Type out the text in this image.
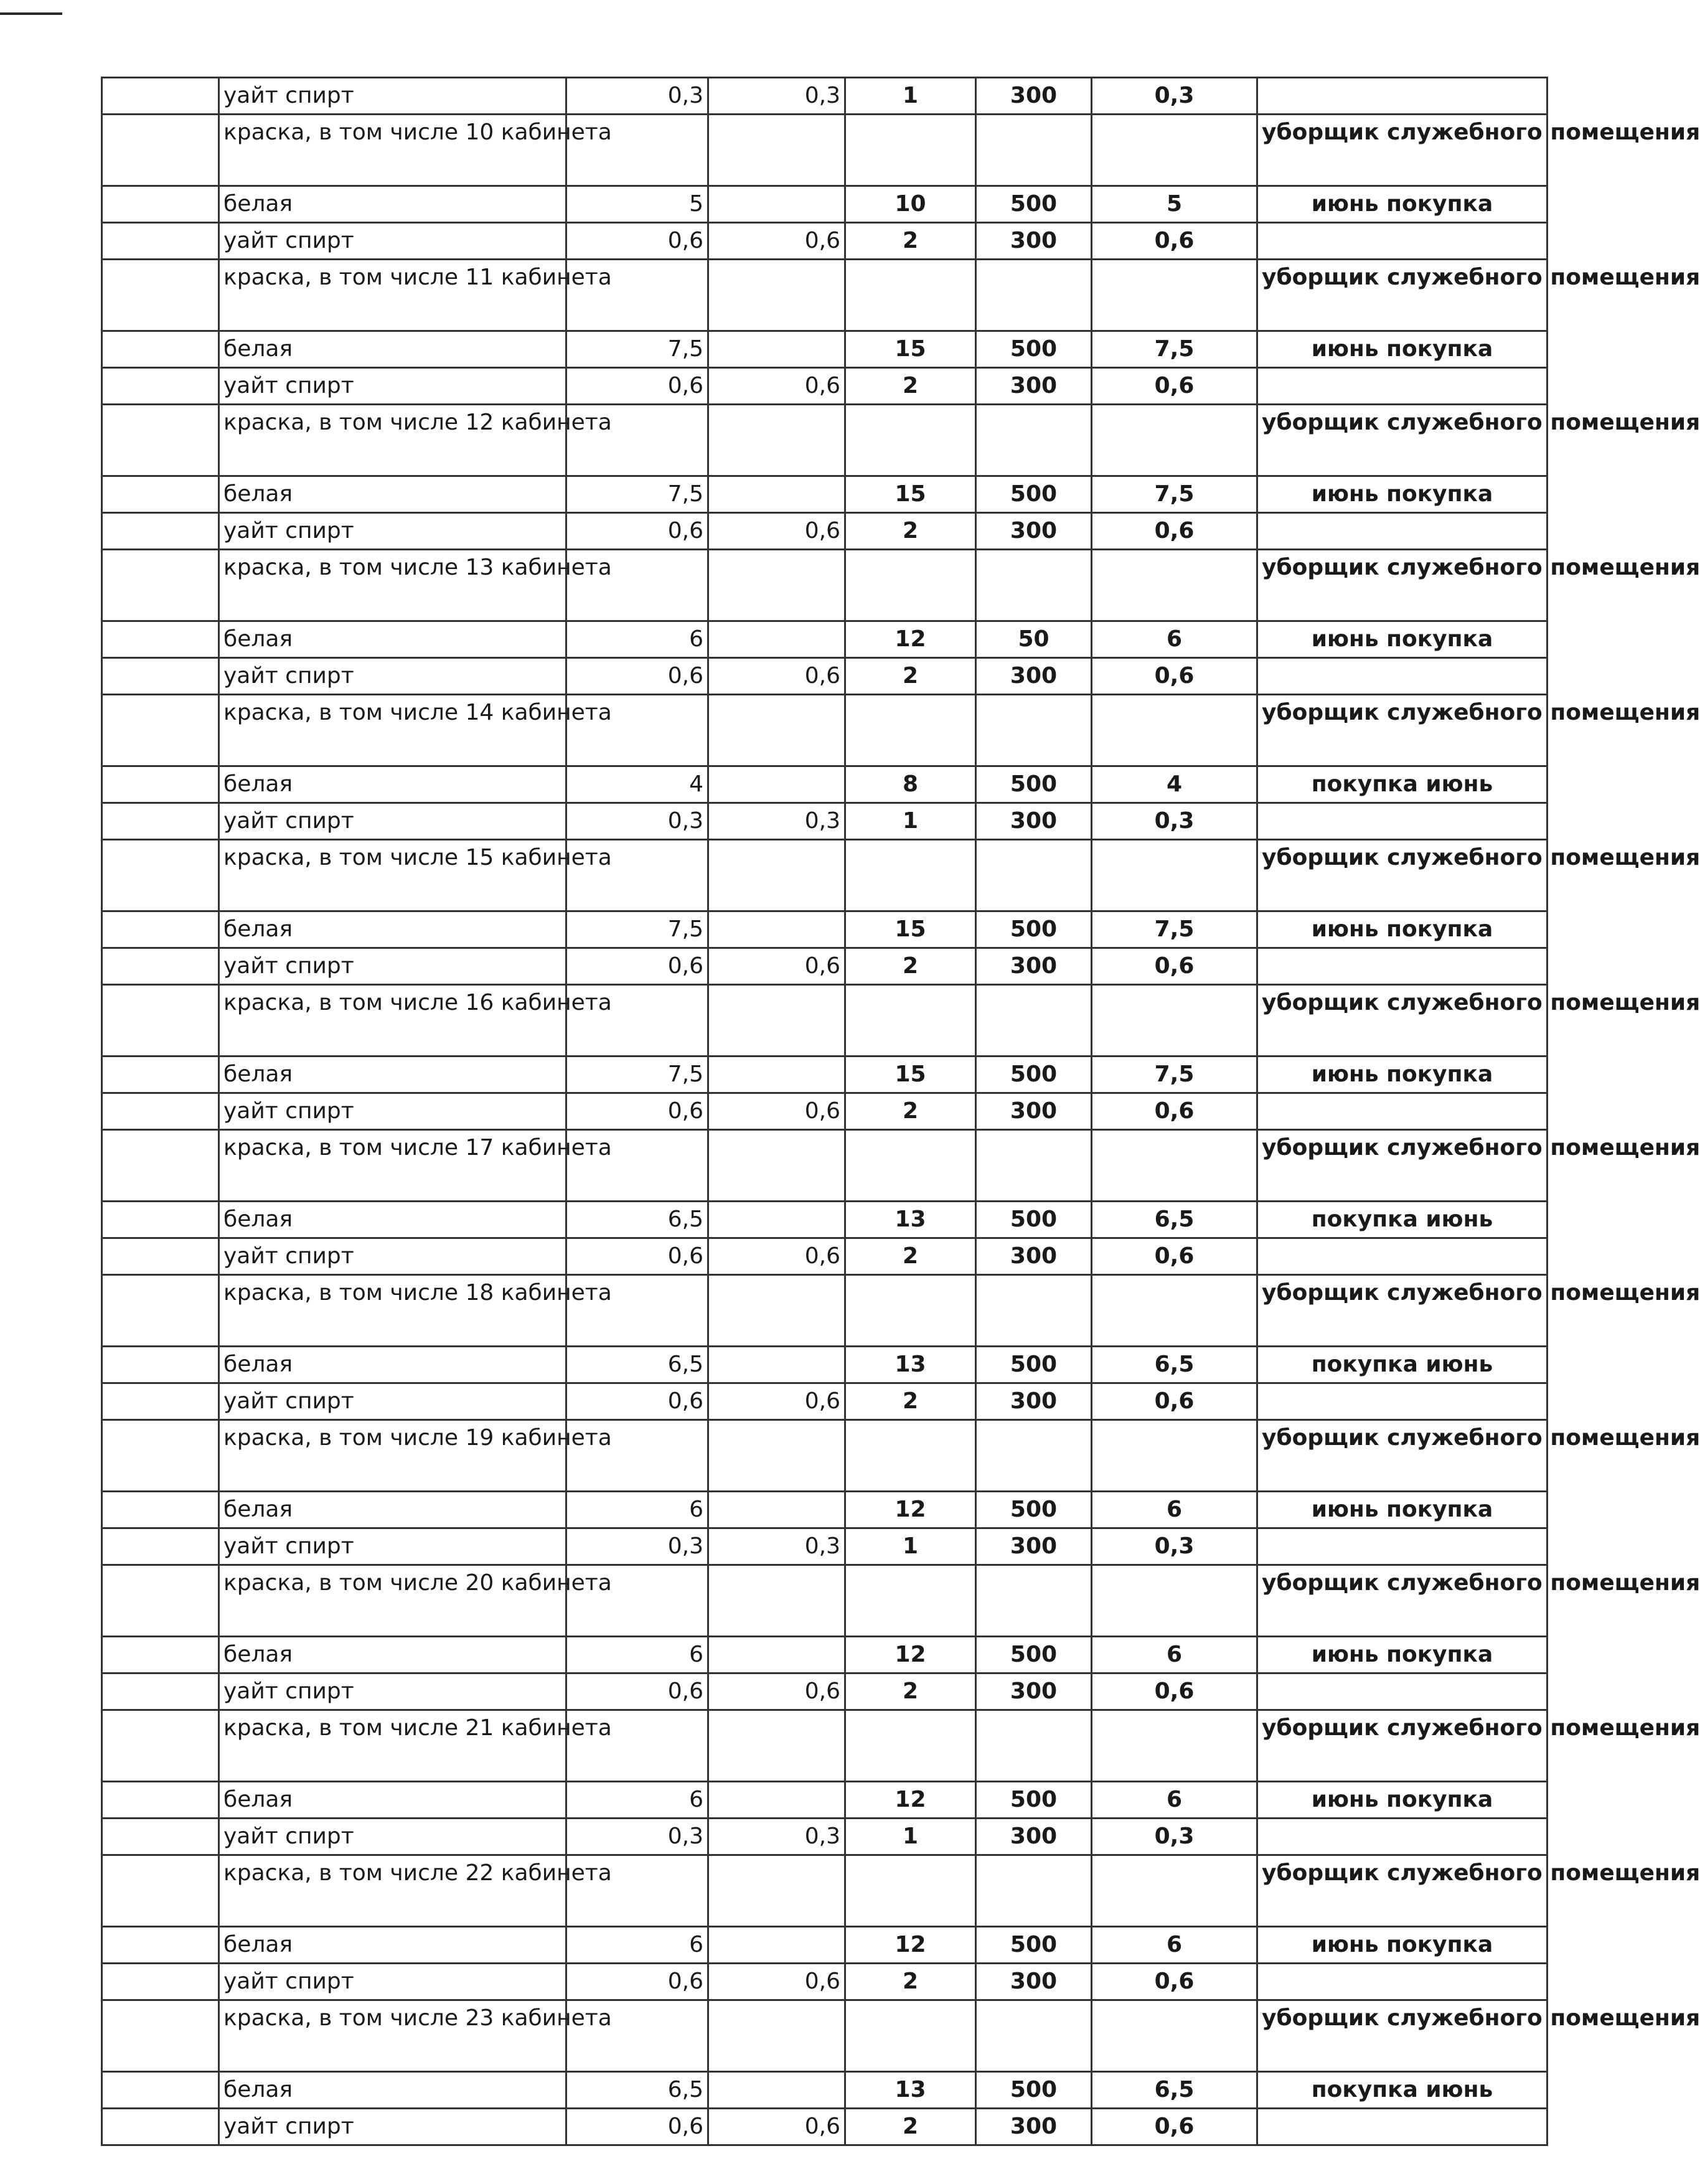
	уайт спирт	0,3	0,3	1	300	0,3	
	краска, в том числе 10 кабинета						уборщик служебного помещения
	белая	5		10	500	5	июнь покупка
	уайт спирт	0,6	0,6	2	300	0,6	
	краска, в том числе 11 кабинета						уборщик служебного помещения
	белая	7,5		15	500	7,5	июнь покупка
	уайт спирт	0,6	0,6	2	300	0,6	
	краска, в том числе 12 кабинета						уборщик служебного помещения
	белая	7,5		15	500	7,5	июнь покупка
	уайт спирт	0,6	0,6	2	300	0,6	
	краска, в том числе 13 кабинета						уборщик служебного помещения
	белая	6		12	50	6	июнь покупка
	уайт спирт	0,6	0,6	2	300	0,6	
	краска, в том числе 14 кабинета						уборщик служебного помещения
	белая	4		8	500	4	покупка июнь
	уайт спирт	0,3	0,3	1	300	0,3	
	краска, в том числе 15 кабинета						уборщик служебного помещения
	белая	7,5		15	500	7,5	июнь покупка
	уайт спирт	0,6	0,6	2	300	0,6	
	краска, в том числе 16 кабинета						уборщик служебного помещения
	белая	7,5		15	500	7,5	июнь покупка
	уайт спирт	0,6	0,6	2	300	0,6	
	краска, в том числе 17 кабинета						уборщик служебного помещения
	белая	6,5		13	500	6,5	покупка июнь
	уайт спирт	0,6	0,6	2	300	0,6	
	краска, в том числе 18 кабинета						уборщик служебного помещения
	белая	6,5		13	500	6,5	покупка июнь
	уайт спирт	0,6	0,6	2	300	0,6	
	краска, в том числе 19 кабинета						уборщик служебного помещения
	белая	6		12	500	6	июнь покупка
	уайт спирт	0,3	0,3	1	300	0,3	
	краска, в том числе 20 кабинета						уборщик служебного помещения
	белая	6		12	500	6	июнь покупка
	уайт спирт	0,6	0,6	2	300	0,6	
	краска, в том числе 21 кабинета						уборщик служебного помещения
	белая	6		12	500	6	июнь покупка
	уайт спирт	0,3	0,3	1	300	0,3	
	краска, в том числе 22 кабинета						уборщик служебного помещения
	белая	6		12	500	6	июнь покупка
	уайт спирт	0,6	0,6	2	300	0,6	
	краска, в том числе 23 кабинета						уборщик служебного помещения
	белая	6,5		13	500	6,5	покупка июнь
	уайт спирт	0,6	0,6	2	300	0,6	
